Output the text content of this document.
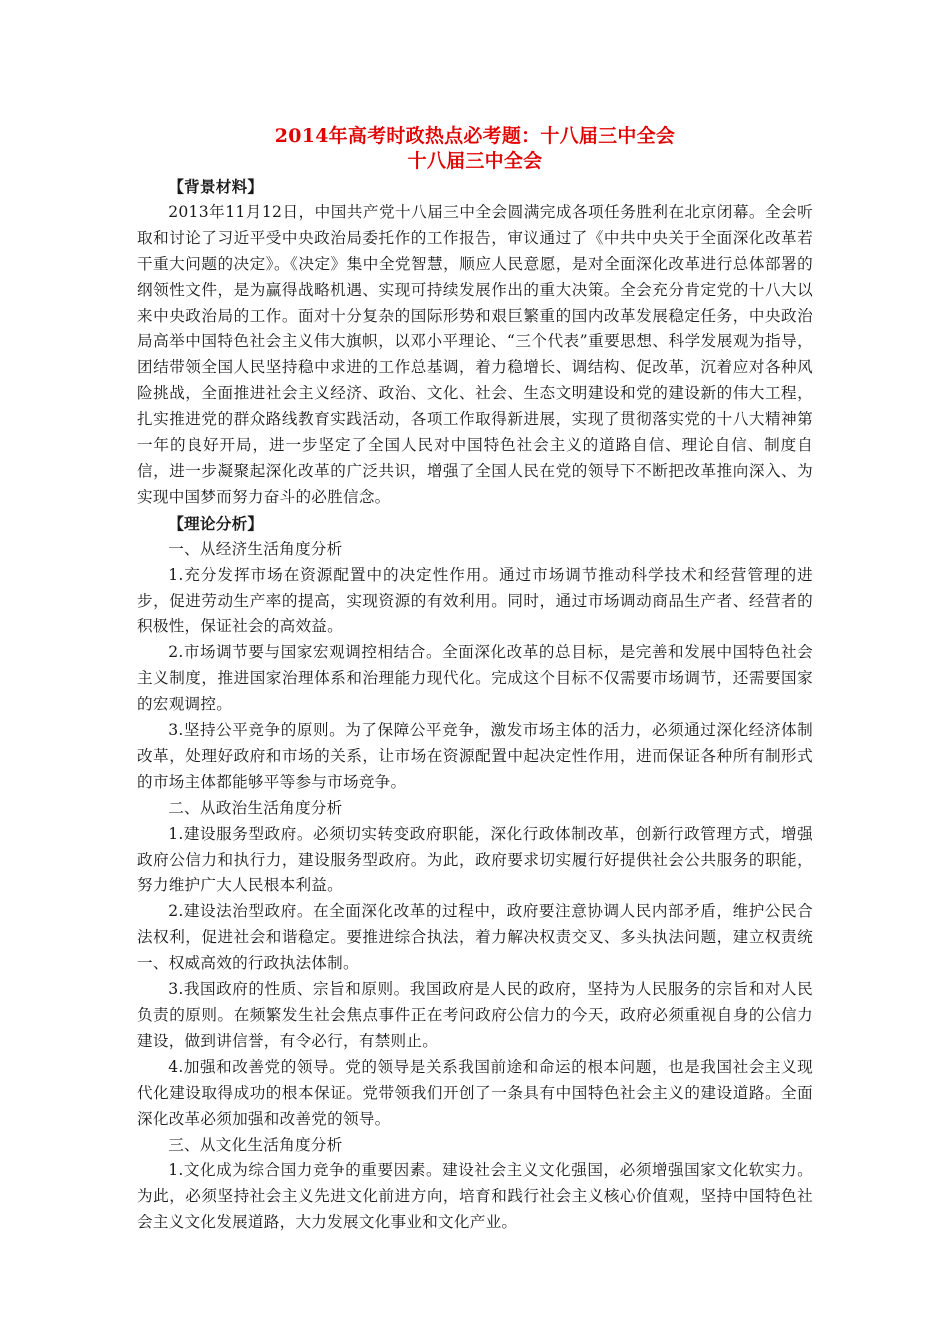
2014年高考时政热点必考题：十八届三中全会

十八届三中全会

【背景材料】

2013年11月12日，中国共产党十八届三中全会圆满完成各项任务胜利在北京闭幕。全会听取和讨论了习近平受中央政治局委托作的工作报告，审议通过了《中共中央关于全面深化改革若干重大问题的决定》。《决定》集中全党智慧，顺应人民意愿，是对全面深化改革进行总体部署的纲领性文件，是为赢得战略机遇、实现可持续发展作出的重大决策。全会充分肯定党的十八大以来中央政治局的工作。面对十分复杂的国际形势和艰巨繁重的国内改革发展稳定任务，中央政治局高举中国特色社会主义伟大旗帜，以邓小平理论、“三个代表”重要思想、科学发展观为指导，团结带领全国人民坚持稳中求进的工作总基调，着力稳增长、调结构、促改革，沉着应对各种风险挑战，全面推进社会主义经济、政治、文化、社会、生态文明建设和党的建设新的伟大工程，扎实推进党的群众路线教育实践活动，各项工作取得新进展，实现了贯彻落实党的十八大精神第一年的良好开局，进一步坚定了全国人民对中国特色社会主义的道路自信、理论自信、制度自信，进一步凝聚起深化改革的广泛共识，增强了全国人民在党的领导下不断把改革推向深入、为实现中国梦而努力奋斗的必胜信念。

【理论分析】

一、从经济生活角度分析

1.充分发挥市场在资源配置中的决定性作用。通过市场调节推动科学技术和经营管理的进步，促进劳动生产率的提高，实现资源的有效利用。同时，通过市场调动商品生产者、经营者的积极性，保证社会的高效益。

2.市场调节要与国家宏观调控相结合。全面深化改革的总目标，是完善和发展中国特色社会主义制度，推进国家治理体系和治理能力现代化。完成这个目标不仅需要市场调节，还需要国家的宏观调控。

3.坚持公平竞争的原则。为了保障公平竞争，激发市场主体的活力，必须通过深化经济体制改革，处理好政府和市场的关系，让市场在资源配置中起决定性作用，进而保证各种所有制形式的市场主体都能够平等参与市场竞争。

二、从政治生活角度分析

1.建设服务型政府。必须切实转变政府职能，深化行政体制改革，创新行政管理方式，增强政府公信力和执行力，建设服务型政府。为此，政府要求切实履行好提供社会公共服务的职能，努力维护广大人民根本利益。

2.建设法治型政府。在全面深化改革的过程中，政府要注意协调人民内部矛盾，维护公民合法权利，促进社会和谐稳定。要推进综合执法，着力解决权责交叉、多头执法问题，建立权责统一、权威高效的行政执法体制。

3.我国政府的性质、宗旨和原则。我国政府是人民的政府，坚持为人民服务的宗旨和对人民负责的原则。在频繁发生社会焦点事件正在考问政府公信力的今天，政府必须重视自身的公信力建设，做到讲信誉，有令必行，有禁则止。

4.加强和改善党的领导。党的领导是关系我国前途和命运的根本问题，也是我国社会主义现代化建设取得成功的根本保证。党带领我们开创了一条具有中国特色社会主义的建设道路。全面深化改革必须加强和改善党的领导。

三、从文化生活角度分析

1.文化成为综合国力竞争的重要因素。建设社会主义文化强国，必须增强国家文化软实力。为此，必须坚持社会主义先进文化前进方向，培育和践行社会主义核心价值观，坚持中国特色社会主义文化发展道路，大力发展文化事业和文化产业。
